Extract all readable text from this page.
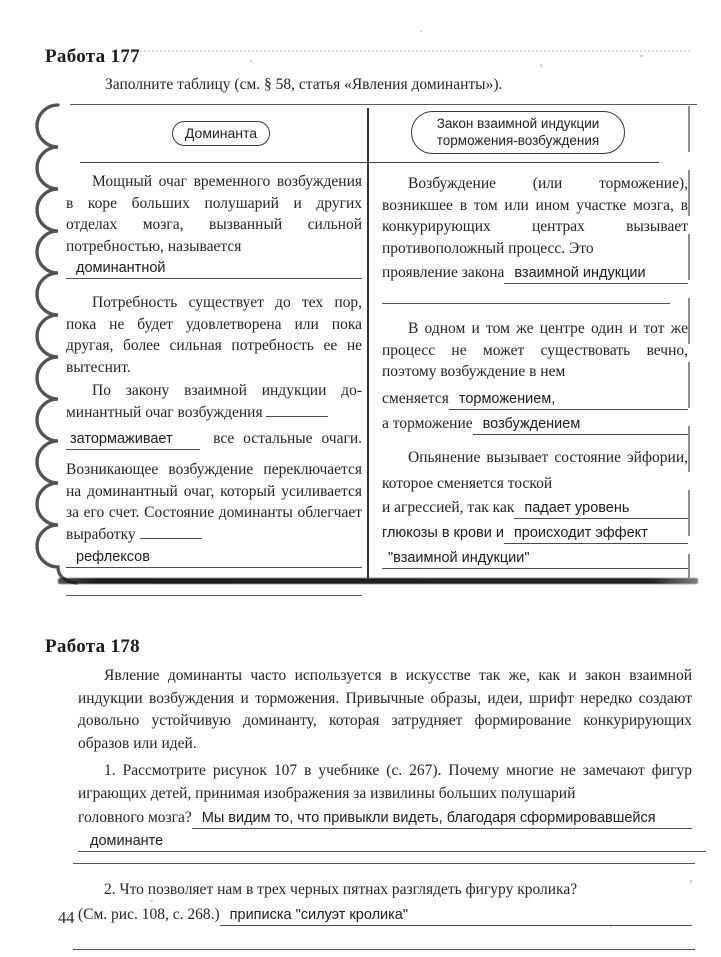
Работа 177
Заполните таблицу (см. § 58, статья «Явления доминанты»).
Доминанта
Закон взаимной индукции
торможения-возбуждения

Мощный очаг временного возбуждения в коре больших полушарий и других отделах мозга, вызванный сильной потребностью, называется

доминантной

Потребность существует до тех пор, пока не будет удовлетворена или пока другая, более сильная потребность ее не вытеснит.

По закону взаимной индукции доминантный очаг возбуждения

затормаживает	все остальные очаги.

Возникающее возбуждение переключается на доминантный очаг, который усиливается за его счет. Состояние доминанты облегчает выработку

рефлексов

Возбуждение (или торможение), возникшее в том или ином участке мозга, в конкурирующих центрах вызывает противоположный процесс. Это

проявление закона взаимной индукции

В одном и том же центре один и тот же процесс не может существовать вечно, поэтому возбуждение в нем

сменяется торможением,
а торможение возбуждением

Опьянение вызывает состояние эйфории, которое сменяется тоской

и агрессией, так как падает уровень
глюкозы в крови и происходит эффект
"взаимной индукции"
Работа 178

Явление доминанты часто используется в искусстве так же, как и закон взаимной индукции возбуждения и торможения. Привычные образы, идеи, шрифт нередко создают довольно устойчивую доминанту, которая затрудняет формирование конкурирующих образов или идей.

1. Рассмотрите рисунок 107 в учебнике (с. 267). Почему многие не замечают фигур играющих детей, принимая изображения за извилины больших полушарий

головного мозга? Мы видим то, что привыкли видеть, благодаря сформировавшейся
доминанте

2. Что позволяет нам в трех черных пятнах разглядеть фигуру кролика?

(См. рис. 108, с. 268.) приписка "силуэт кролика"
44
